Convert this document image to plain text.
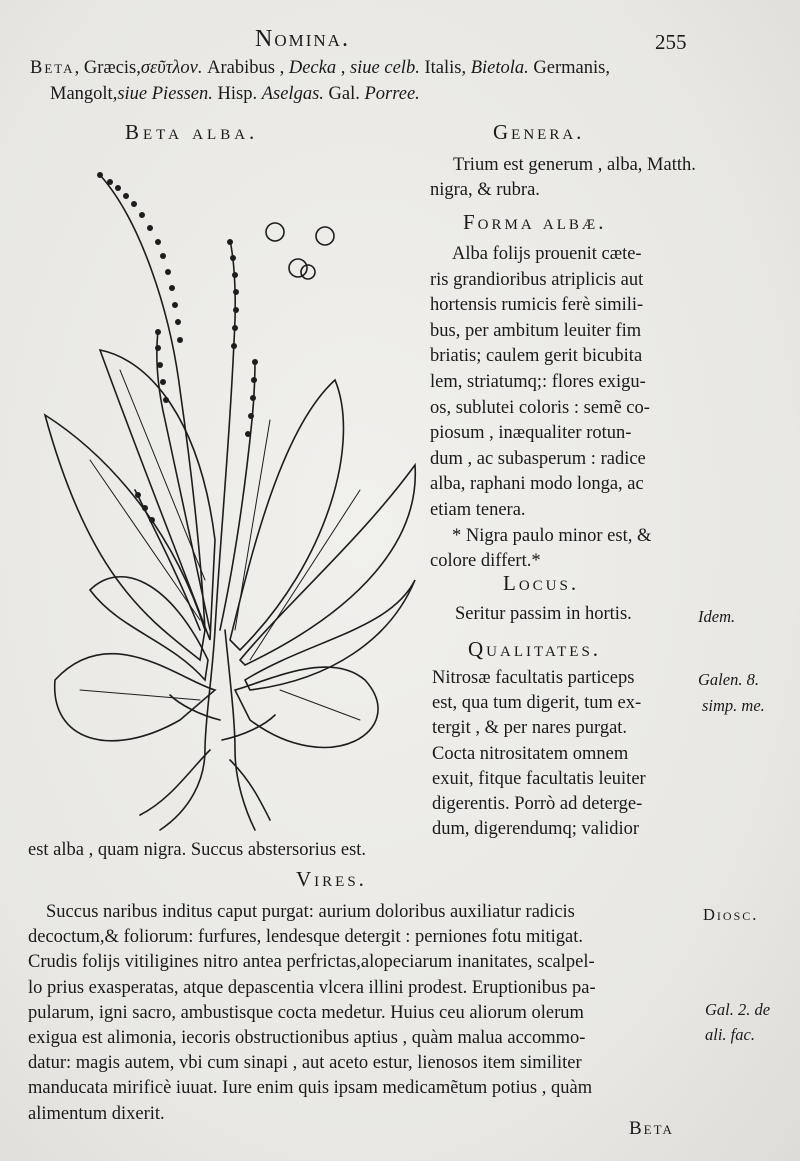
Nomina.	255
Beta, Græcis,σεῦτλον. Arabibus , Decka , siue celb. Italis, Bietola. Germanis,
Mangolt,siue Piessen. Hisp. Aselgas. Gal. Porree.
Beta alba.	Genera.
Trium est generum , alba, Matth.
nigra, & rubra.
Forma albæ.
Alba folijs prouenit cæte-
ris grandioribus atriplicis aut
hortensis rumicis ferè simili-
bus, per ambitum leuiter fim
briatis; caulem gerit bicubita
lem, striatumq;: flores exigu-
os, sublutei coloris : semẽ co-
piosum , inæqualiter rotun-
dum , ac subasperum : radice
alba, raphani modo longa, ac
etiam tenera.
* Nigra paulo minor est, &
colore differt.*
Locus.
Seritur passim in hortis.	Idem.
Qualitates.
Nitrosæ facultatis particeps
est, qua tum digerit, tum ex-
tergit , & per nares purgat.
Cocta nitrositatem omnem
exuit, fitque facultatis leuiter
digerentis. Porrò ad deterge-
dum, digerendumq; validior
Galen. 8.
simp. me.
est alba , quam nigra. Succus abstersorius est.
Vires.
Succus naribus inditus caput purgat: aurium doloribus auxiliatur radicis
decoctum,& foliorum: furfures, lendesque detergit : perniones fotu mitigat.
Crudis folijs vitiligines nitro antea perfrictas,alopeciarum inanitates, scalpel-
lo prius exasperatas, atque depascentia vlcera illini prodest. Eruptionibus pa-
pularum, igni sacro, ambustisque cocta medetur. Huius ceu aliorum olerum
exigua est alimonia, iecoris obstructionibus aptius , quàm malua accommo-
datur: magis autem, vbi cum sinapi , aut aceto estur, lienosos item similiter
manducata mirificè iuuat. Iure enim quis ipsam medicamẽtum potius , quàm
alimentum dixerit.
Diosc.
Gal. 2. de
ali. fac.
Beta
